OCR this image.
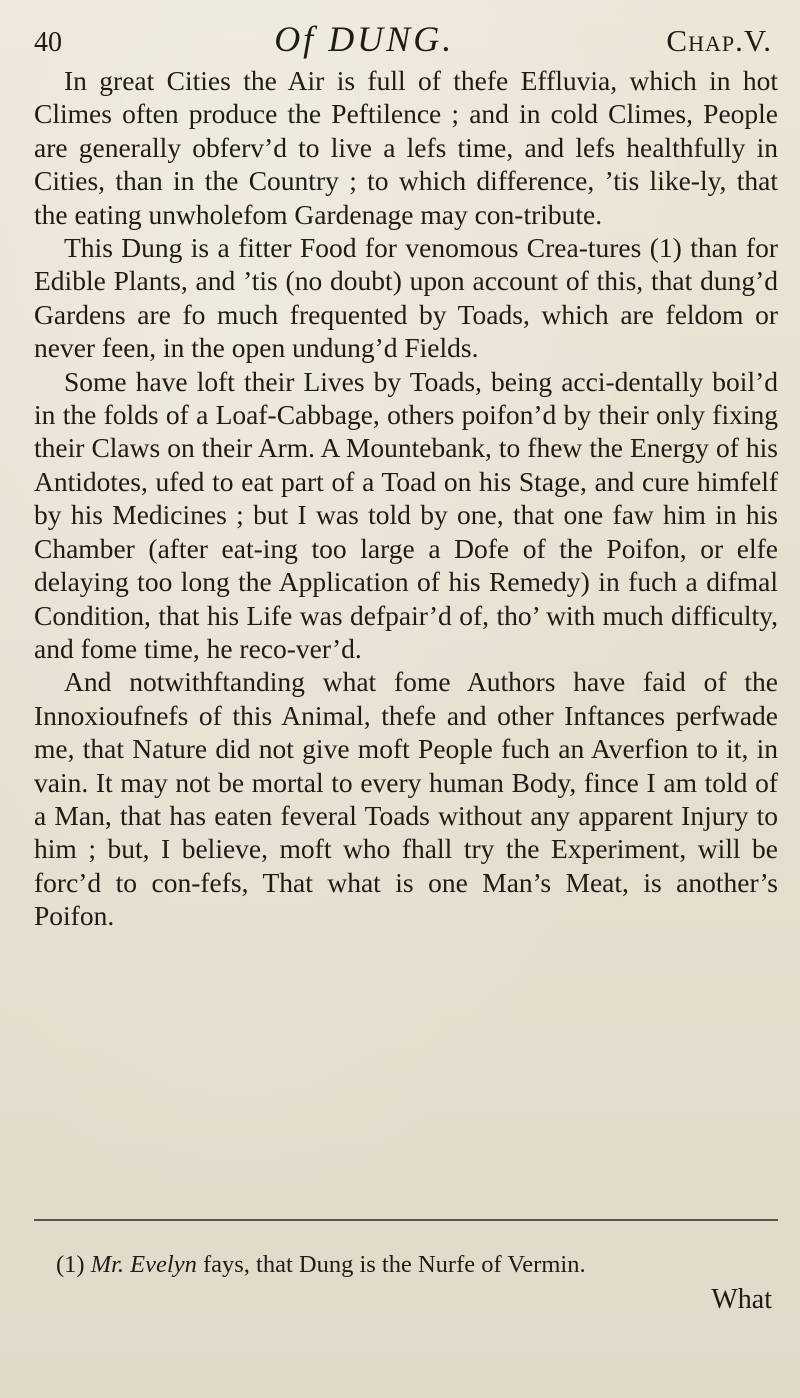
40	Of DUNG.	Chap.V.

In great Cities the Air is full of thefe Effluvia, which in hot Climes often produce the Peftilence ; and in cold Climes, People are generally obferv’d to live a lefs time, and lefs healthfully in Cities, than in the Country ; to which difference, ’tis like-ly, that the eating unwholefom Gardenage may con-tribute.

This Dung is a fitter Food for venomous Crea-tures (1) than for Edible Plants, and ’tis (no doubt) upon account of this, that dung’d Gardens are fo much frequented by Toads, which are feldom or never feen, in the open undung’d Fields.

Some have loft their Lives by Toads, being acci-dentally boil’d in the folds of a Loaf-Cabbage, others poifon’d by their only fixing their Claws on their Arm. A Mountebank, to fhew the Energy of his Antidotes, ufed to eat part of a Toad on his Stage, and cure himfelf by his Medicines ; but I was told by one, that one faw him in his Chamber (after eat-ing too large a Dofe of the Poifon, or elfe delaying too long the Application of his Remedy) in fuch a difmal Condition, that his Life was defpair’d of, tho’ with much difficulty, and fome time, he reco-ver’d.

And notwithftanding what fome Authors have faid of the Innoxioufnefs of this Animal, thefe and other Inftances perfwade me, that Nature did not give moft People fuch an Averfion to it, in vain. It may not be mortal to every human Body, fince I am told of a Man, that has eaten feveral Toads without any apparent Injury to him ; but, I believe, moft who fhall try the Experiment, will be forc’d to con-fefs, That what is one Man’s Meat, is another’s Poifon.

(1) Mr. Evelyn fays, that Dung is the Nurfe of Vermin.
What
